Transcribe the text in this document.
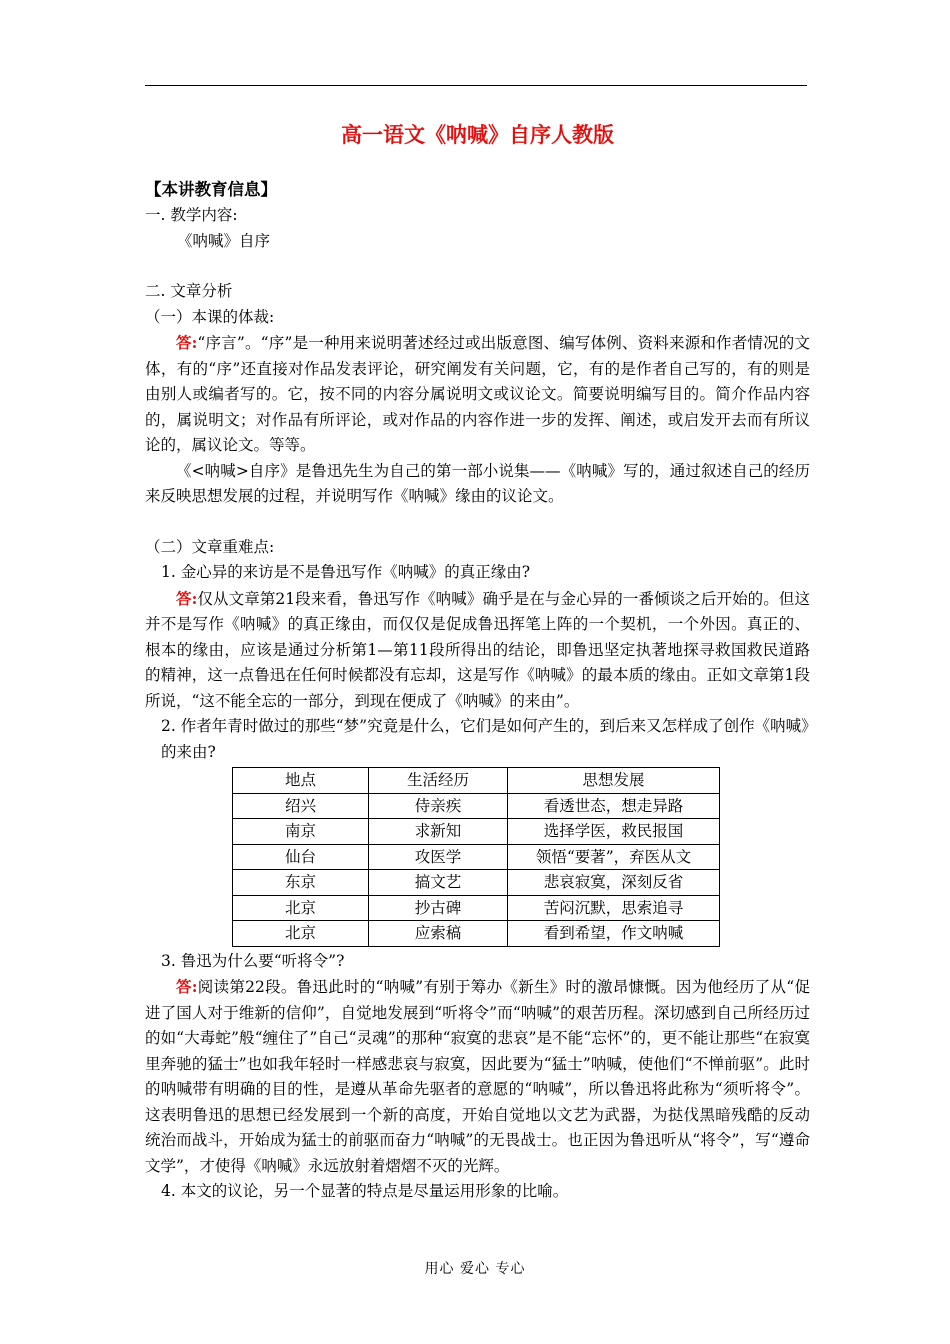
高一语文《呐喊》自序人教版

【本讲教育信息】

一. 教学内容:

《呐喊》自序

二. 文章分析

（一）本课的体裁:

答:“序言”。“序”是一种用来说明著述经过或出版意图、编写体例、资料来源和作者情况的文体，有的“序”还直接对作品发表评论，研究阐发有关问题，它，有的是作者自己写的，有的则是由别人或编者写的。它，按不同的内容分属说明文或议论文。简要说明编写目的。简介作品内容的，属说明文；对作品有所评论，或对作品的内容作进一步的发挥、阐述，或启发开去而有所议论的，属议论文。等等。

《<呐喊>自序》是鲁迅先生为自己的第一部小说集——《呐喊》写的，通过叙述自己的经历来反映思想发展的过程，并说明写作《呐喊》缘由的议论文。

（二）文章重难点:

1. 金心异的来访是不是鲁迅写作《呐喊》的真正缘由?

答:仅从文章第21段来看，鲁迅写作《呐喊》确乎是在与金心异的一番倾谈之后开始的。但这并不是写作《呐喊》的真正缘由，而仅仅是促成鲁迅挥笔上阵的一个契机，一个外因。真正的、根本的缘由，应该是通过分析第1—第11段所得出的结论，即鲁迅坚定执著地探寻救国救民道路的精神，这一点鲁迅在任何时候都没有忘却，这是写作《呐喊》的最本质的缘由。正如文章第1段所说，“这不能全忘的一部分，到现在便成了《呐喊》的来由”。

2. 作者年青时做过的那些“梦”究竟是什么，它们是如何产生的，到后来又怎样成了创作《呐喊》的来由?

地点	生活经历	思想发展
绍兴	侍亲疾	看透世态，想走异路
南京	求新知	选择学医，救民报国
仙台	攻医学	领悟“要著”，弃医从文
东京	搞文艺	悲哀寂寞，深刻反省
北京	抄古碑	苦闷沉默，思索追寻
北京	应索稿	看到希望，作文呐喊

3. 鲁迅为什么要“听将令”?

答:阅读第22段。鲁迅此时的“呐喊”有别于筹办《新生》时的激昂慷慨。因为他经历了从“促进了国人对于维新的信仰”，自觉地发展到“听将令”而“呐喊”的艰苦历程。深切感到自己所经历过的如“大毒蛇”般“缠住了”自己“灵魂”的那种“寂寞的悲哀”是不能“忘怀”的，更不能让那些“在寂寞里奔驰的猛士”也如我年轻时一样感悲哀与寂寞，因此要为“猛士”呐喊，使他们“不惮前驱”。此时的呐喊带有明确的目的性，是遵从革命先驱者的意愿的“呐喊”，所以鲁迅将此称为“须听将令”。这表明鲁迅的思想已经发展到一个新的高度，开始自觉地以文艺为武器，为挞伐黑暗残酷的反动统治而战斗，开始成为猛士的前驱而奋力“呐喊”的无畏战士。也正因为鲁迅听从“将令”，写“遵命文学”，才使得《呐喊》永远放射着熠熠不灭的光辉。

4. 本文的议论，另一个显著的特点是尽量运用形象的比喻。

用心 爱心 专心
